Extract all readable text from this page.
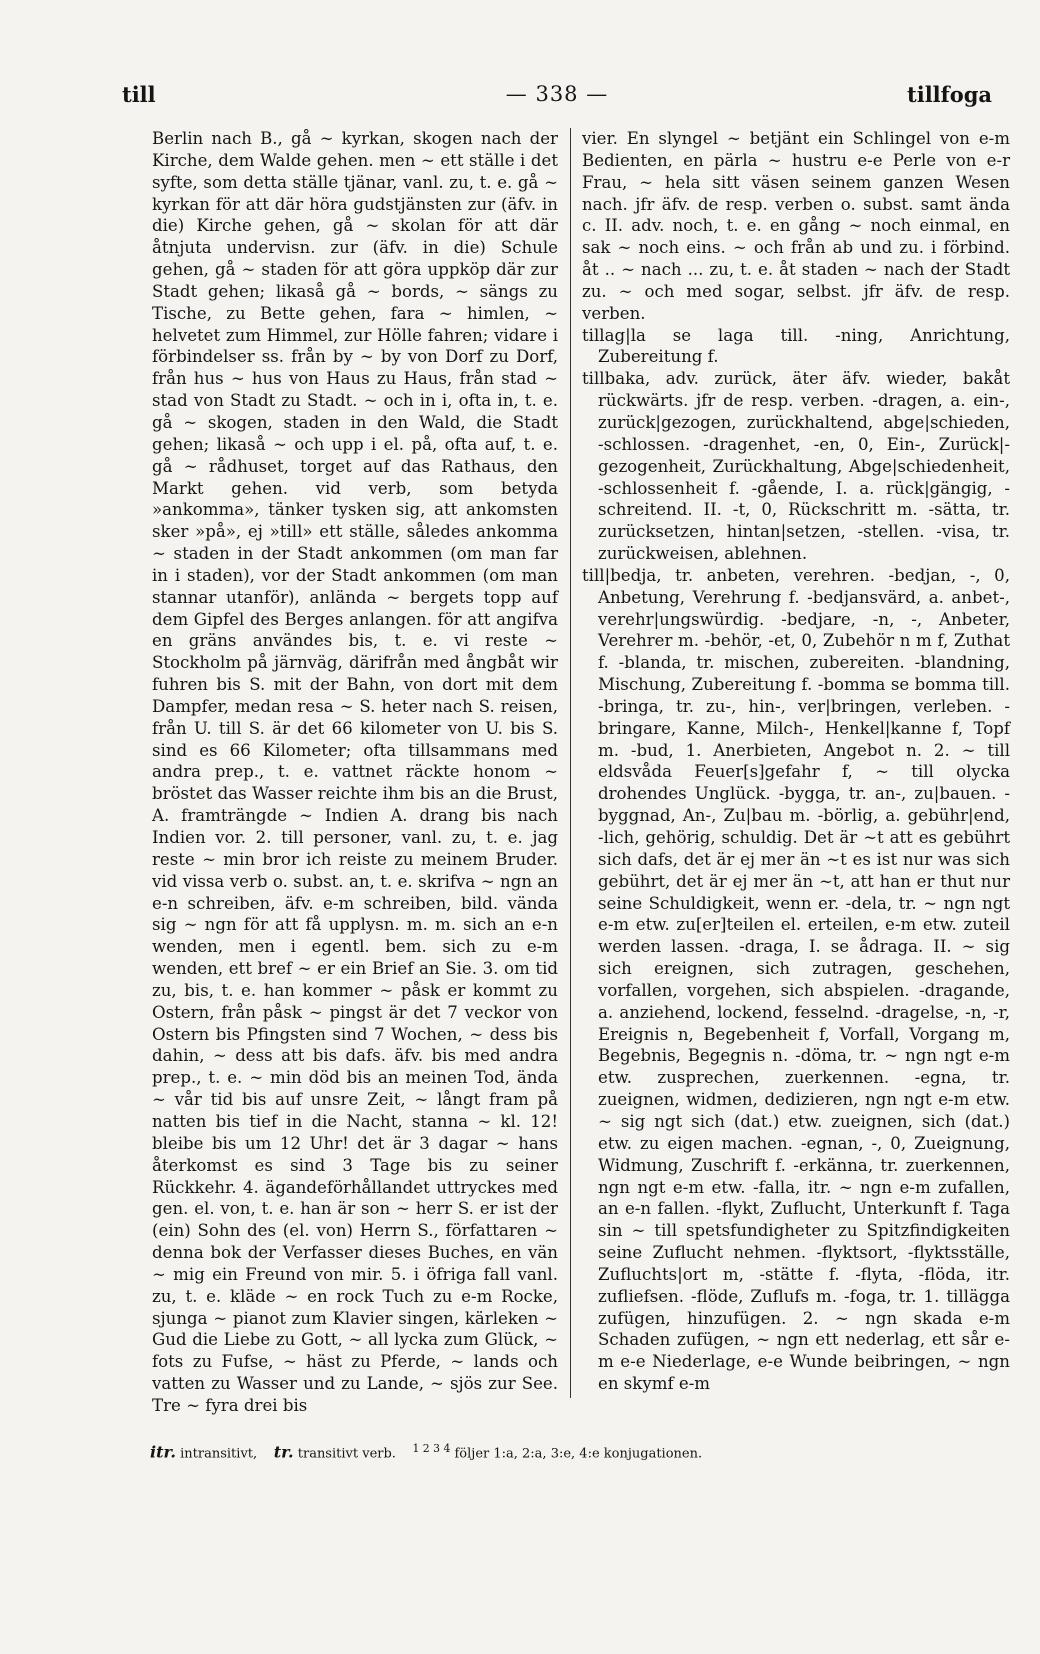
till	— 338 —	tillfoga

Berlin nach B., gå ∼ kyrkan, skogen nach der Kirche, dem Walde gehen. men ∼ ett ställe i det syfte, som detta ställe tjänar, vanl. zu, t. e. gå ∼ kyrkan för att där höra gudstjänsten zur (äfv. in die) Kirche gehen, gå ∼ skolan för att där åtnjuta undervisn. zur (äfv. in die) Schule gehen, gå ∼ staden för att göra uppköp där zur Stadt gehen; likaså gå ∼ bords, ∼ sängs zu Tische, zu Bette gehen, fara ∼ himlen, ∼ helvetet zum Himmel, zur Hölle fahren; vidare i förbindelser ss. från by ∼ by von Dorf zu Dorf, från hus ∼ hus von Haus zu Haus, från stad ∼ stad von Stadt zu Stadt. ∼ och in i, ofta in, t. e. gå ∼ skogen, staden in den Wald, die Stadt gehen; likaså ∼ och upp i el. på, ofta auf, t. e. gå ∼ rådhuset, torget auf das Rathaus, den Markt gehen. vid verb, som betyda »ankomma», tänker tysken sig, att ankomsten sker »på», ej »till» ett ställe, således ankomma ∼ staden in der Stadt ankommen (om man far in i staden), vor der Stadt ankommen (om man stannar utanför), anlända ∼ bergets topp auf dem Gipfel des Berges anlangen. för att angifva en gräns användes bis, t. e. vi reste ∼ Stockholm på järnväg, därifrån med ångbåt wir fuhren bis S. mit der Bahn, von dort mit dem Dampfer, medan resa ∼ S. heter nach S. reisen, från U. till S. är det 66 kilometer von U. bis S. sind es 66 Kilometer; ofta tillsammans med andra prep., t. e. vattnet räckte honom ∼ bröstet das Wasser reichte ihm bis an die Brust, A. framträngde ∼ Indien A. drang bis nach Indien vor. 2. till personer, vanl. zu, t. e. jag reste ∼ min bror ich reiste zu meinem Bruder. vid vissa verb o. subst. an, t. e. skrifva ∼ ngn an e-n schreiben, äfv. e-m schreiben, bild. vända sig ∼ ngn för att få upplysn. m. m. sich an e-n wenden, men i egentl. bem. sich zu e-m wenden, ett bref ∼ er ein Brief an Sie. 3. om tid zu, bis, t. e. han kommer ∼ påsk er kommt zu Ostern, från påsk ∼ pingst är det 7 veckor von Ostern bis Pfingsten sind 7 Wochen, ∼ dess bis dahin, ∼ dess att bis dafs. äfv. bis med andra prep., t. e. ∼ min död bis an meinen Tod, ända ∼ vår tid bis auf unsre Zeit, ∼ långt fram på natten bis tief in die Nacht, stanna ∼ kl. 12! bleibe bis um 12 Uhr! det är 3 dagar ∼ hans återkomst es sind 3 Tage bis zu seiner Rückkehr. 4. ägandeförhållandet uttryckes med gen. el. von, t. e. han är son ∼ herr S. er ist der (ein) Sohn des (el. von) Herrn S., författaren ∼ denna bok der Verfasser dieses Buches, en vän ∼ mig ein Freund von mir. 5. i öfriga fall vanl. zu, t. e. kläde ∼ en rock Tuch zu e-m Rocke, sjunga ∼ pianot zum Klavier singen, kärleken ∼ Gud die Liebe zu Gott, ∼ all lycka zum Glück, ∼ fots zu Fufse, ∼ häst zu Pferde, ∼ lands och vatten zu Wasser und zu Lande, ∼ sjös zur See. Tre ∼ fyra drei bis

vier. En slyngel ∼ betjänt ein Schlingel von e-m Bedienten, en pärla ∼ hustru e-e Perle von e-r Frau, ∼ hela sitt väsen seinem ganzen Wesen nach. jfr äfv. de resp. verben o. subst. samt ända c. II. adv. noch, t. e. en gång ∼ noch einmal, en sak ∼ noch eins. ∼ och från ab und zu. i förbind. åt .. ∼ nach ... zu, t. e. åt staden ∼ nach der Stadt zu. ∼ och med sogar, selbst. jfr äfv. de resp. verben.

tillag|la se laga till. -ning, Anrichtung, Zubereitung f.

tillbaka, adv. zurück, äter äfv. wieder, bakåt rückwärts. jfr de resp. verben. -dragen, a. ein-, zurück|gezogen, zurückhaltend, abge|schieden, -schlossen. -dragenhet, -en, 0, Ein-, Zurück|-gezogenheit, Zurückhaltung, Abge|schiedenheit, -schlossenheit f. -gående, I. a. rück|gängig, -schreitend. II. -t, 0, Rückschritt m. -sätta, tr. zurücksetzen, hintan|setzen, -stellen. -visa, tr. zurückweisen, ablehnen.

till|bedja, tr. anbeten, verehren. -bedjan, -, 0, Anbetung, Verehrung f. -bedjansvärd, a. anbet-, verehr|ungswürdig. -bedjare, -n, -, Anbeter, Verehrer m. -behör, -et, 0, Zubehör n m f, Zuthat f. -blanda, tr. mischen, zubereiten. -blandning, Mischung, Zubereitung f. -bomma se bomma till. -bringa, tr. zu-, hin-, ver|bringen, verleben. -bringare, Kanne, Milch-, Henkel|kanne f, Topf m. -bud, 1. Anerbieten, Angebot n. 2. ∼ till eldsvåda Feuer[s]gefahr f, ∼ till olycka drohendes Unglück. -bygga, tr. an-, zu|bauen. -byggnad, An-, Zu|bau m. -börlig, a. gebühr|end, -lich, gehörig, schuldig. Det är ∼t att es gebührt sich dafs, det är ej mer än ∼t es ist nur was sich gebührt, det är ej mer än ∼t, att han er thut nur seine Schuldigkeit, wenn er. -dela, tr. ∼ ngn ngt e-m etw. zu[er]teilen el. erteilen, e-m etw. zuteil werden lassen. -draga, I. se ådraga. II. ∼ sig sich ereignen, sich zutragen, geschehen, vorfallen, vorgehen, sich abspielen. -dragande, a. anziehend, lockend, fesselnd. -dragelse, -n, -r, Ereignis n, Begebenheit f, Vorfall, Vorgang m, Begebnis, Begegnis n. -döma, tr. ∼ ngn ngt e-m etw. zusprechen, zuerkennen. -egna, tr. zueignen, widmen, dedizieren, ngn ngt e-m etw. ∼ sig ngt sich (dat.) etw. zueignen, sich (dat.) etw. zu eigen machen. -egnan, -, 0, Zueignung, Widmung, Zuschrift f. -erkänna, tr. zuerkennen, ngn ngt e-m etw. -falla, itr. ∼ ngn e-m zufallen, an e-n fallen. -flykt, Zuflucht, Unterkunft f. Taga sin ∼ till spetsfundigheter zu Spitzfindigkeiten seine Zuflucht nehmen. -flyktsort, -flyktsställe, Zufluchts|ort m, -stätte f. -flyta, -flöda, itr. zufliefsen. -flöde, Zuflufs m. -foga, tr. 1. tillägga zufügen, hinzufügen. 2. ∼ ngn skada e-m Schaden zufügen, ∼ ngn ett nederlag, ett sår e-m e-e Niederlage, e-e Wunde beibringen, ∼ ngn en skymf e-m

itr. intransitivt, tr. transitivt verb. $^{1 2 3 4}$ följer 1:a, 2:a, 3:e, 4:e konjugationen.
